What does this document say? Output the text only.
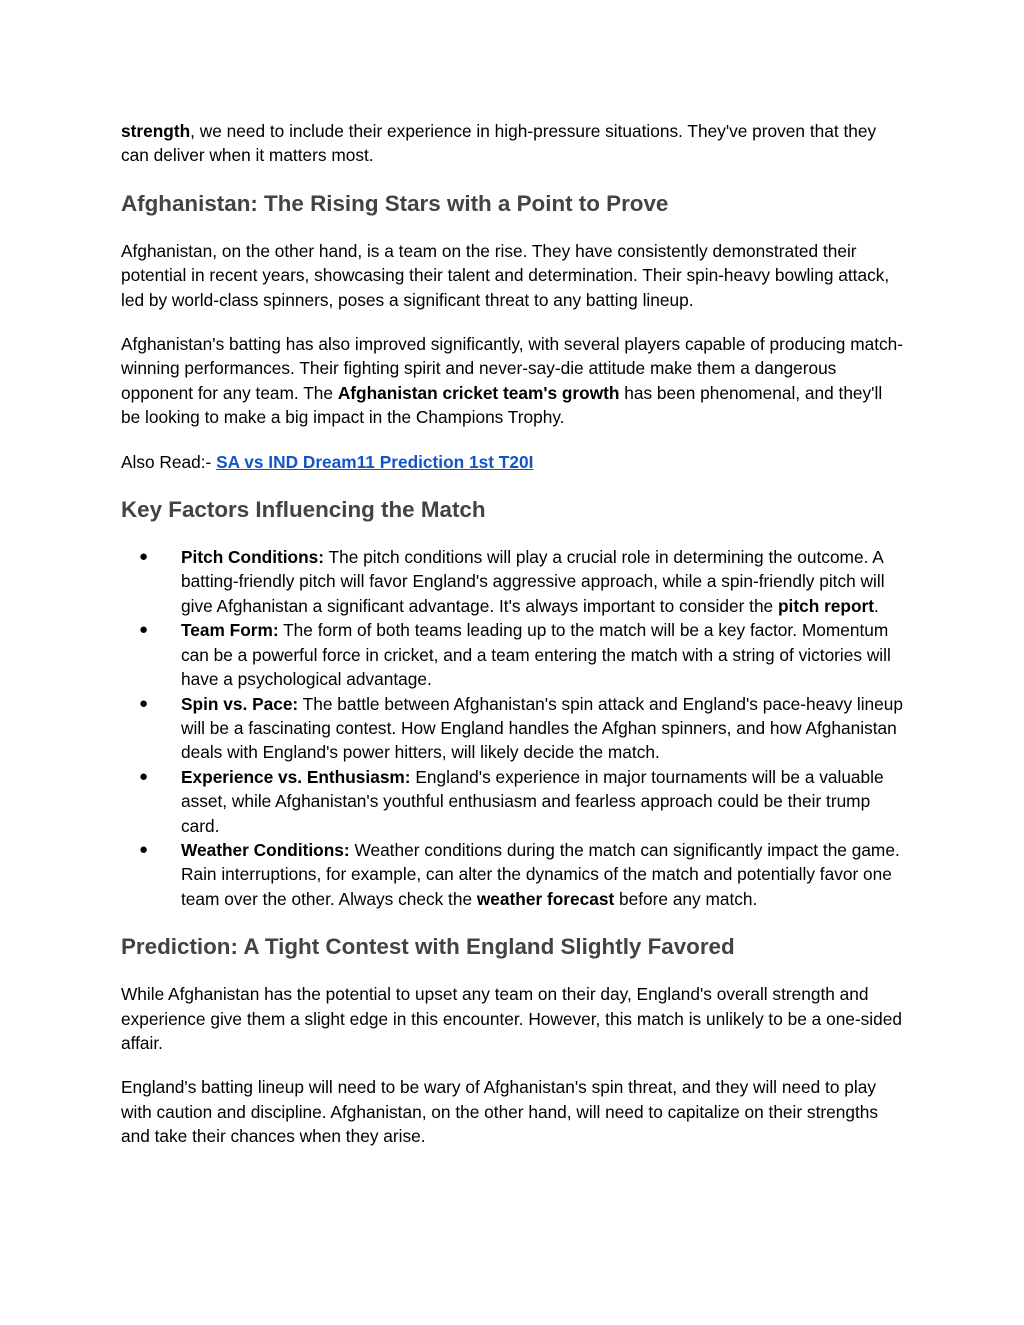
strength, we need to include their experience in high-pressure situations. They've proven that they can deliver when it matters most.

Afghanistan: The Rising Stars with a Point to Prove

Afghanistan, on the other hand, is a team on the rise. They have consistently demonstrated their potential in recent years, showcasing their talent and determination. Their spin-heavy bowling attack, led by world-class spinners, poses a significant threat to any batting lineup.

Afghanistan's batting has also improved significantly, with several players capable of producing match-winning performances. Their fighting spirit and never-say-die attitude make them a dangerous opponent for any team. The Afghanistan cricket team's growth has been phenomenal, and they'll be looking to make a big impact in the Champions Trophy.

Also Read:- SA vs IND Dream11 Prediction 1st T20I

Key Factors Influencing the Match
● Pitch Conditions: The pitch conditions will play a crucial role in determining the outcome. A batting-friendly pitch will favor England's aggressive approach, while a spin-friendly pitch will give Afghanistan a significant advantage. It's always important to consider the pitch report.
● Team Form: The form of both teams leading up to the match will be a key factor. Momentum can be a powerful force in cricket, and a team entering the match with a string of victories will have a psychological advantage.
● Spin vs. Pace: The battle between Afghanistan's spin attack and England's pace-heavy lineup will be a fascinating contest. How England handles the Afghan spinners, and how Afghanistan deals with England's power hitters, will likely decide the match.
● Experience vs. Enthusiasm: England's experience in major tournaments will be a valuable asset, while Afghanistan's youthful enthusiasm and fearless approach could be their trump card.
● Weather Conditions: Weather conditions during the match can significantly impact the game. Rain interruptions, for example, can alter the dynamics of the match and potentially favor one team over the other. Always check the weather forecast before any match.
Prediction: A Tight Contest with England Slightly Favored

While Afghanistan has the potential to upset any team on their day, England's overall strength and experience give them a slight edge in this encounter. However, this match is unlikely to be a one-sided affair.

England's batting lineup will need to be wary of Afghanistan's spin threat, and they will need to play with caution and discipline. Afghanistan, on the other hand, will need to capitalize on their strengths and take their chances when they arise.
